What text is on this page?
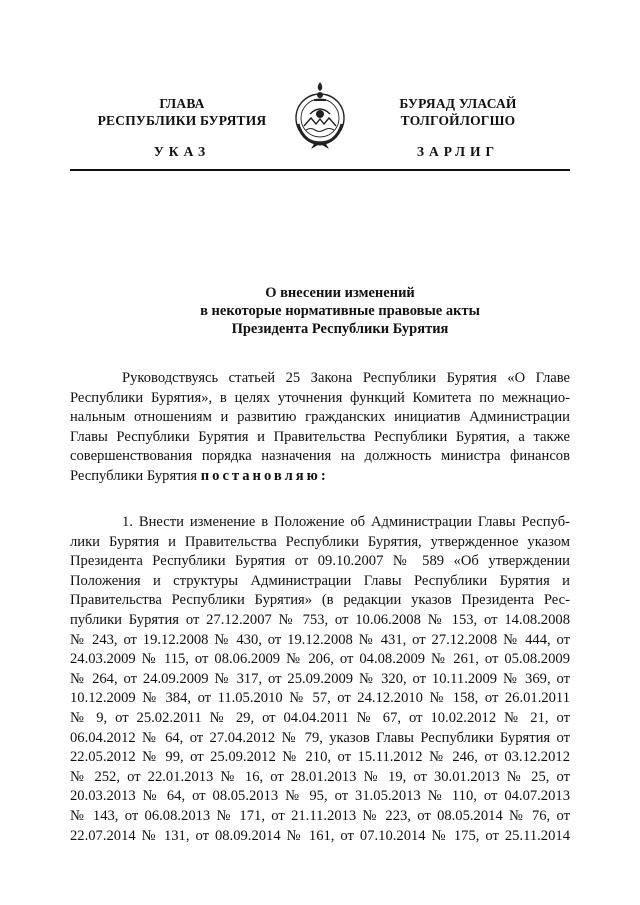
ГЛАВА
РЕСПУБЛИКИ БУРЯТИЯ
УКАЗ
БУРЯАД УЛАСАЙ
ТОЛГОЙЛОГШО
ЗАРЛИГ
О внесении изменений
в некоторые нормативные правовые акты
Президента Республики Бурятия
Руководствуясь статьей 25 Закона Республики Бурятия «О Главе
Республики Бурятия», в целях уточнения функций Комитета по межнацио-
нальным отношениям и развитию гражданских инициатив Администрации
Главы Республики Бурятия и Правительства Республики Бурятия, а также
совершенствования порядка назначения на должность министра финансов
Республики Бурятия постановляю:
1. Внести изменение в Положение об Администрации Главы Респуб-
лики Бурятия и Правительства Республики Бурятия, утвержденное указом
Президента Республики Бурятия от 09.10.2007 № 589 «Об утверждении
Положения и структуры Администрации Главы Республики Бурятия и
Правительства Республики Бурятия» (в редакции указов Президента Рес-
публики Бурятия от 27.12.2007 № 753, от 10.06.2008 № 153, от 14.08.2008
№ 243, от 19.12.2008 № 430, от 19.12.2008 № 431, от 27.12.2008 № 444, от
24.03.2009 № 115, от 08.06.2009 № 206, от 04.08.2009 № 261, от 05.08.2009
№ 264, от 24.09.2009 № 317, от 25.09.2009 № 320, от 10.11.2009 № 369, от
10.12.2009 № 384, от 11.05.2010 № 57, от 24.12.2010 № 158, от 26.01.2011
№ 9, от 25.02.2011 № 29, от 04.04.2011 № 67, от 10.02.2012 № 21, от
06.04.2012 № 64, от 27.04.2012 № 79, указов Главы Республики Бурятия от
22.05.2012 № 99, от 25.09.2012 № 210, от 15.11.2012 № 246, от 03.12.2012
№ 252, от 22.01.2013 № 16, от 28.01.2013 № 19, от 30.01.2013 № 25, от
20.03.2013 № 64, от 08.05.2013 № 95, от 31.05.2013 № 110, от 04.07.2013
№ 143, от 06.08.2013 № 171, от 21.11.2013 № 223, от 08.05.2014 № 76, от
22.07.2014 № 131, от 08.09.2014 № 161, от 07.10.2014 № 175, от 25.11.2014
